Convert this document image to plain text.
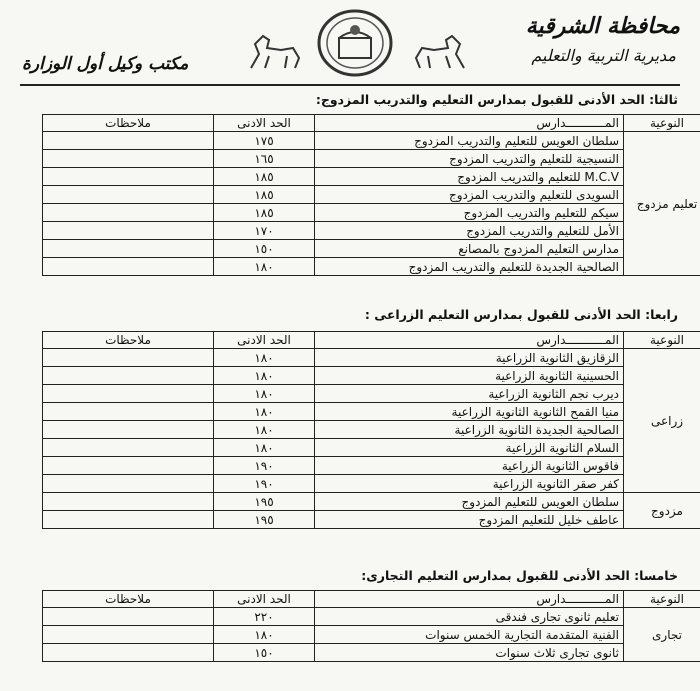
محافظة الشرقية
مديرية التربية والتعليم
مكتب وكيل أول الوزارة
ثالثا: الحد الأدنى للقبول بمدارس التعليم والتدريب المزدوج:
النوعية	المـــــــــــدارس	الحد الادنى	ملاحظات
تعليم مزدوج	سلطان العويس للتعليم والتدريب المزدوج	١٧٥	
	النسيجية للتعليم والتدريب المزدوج	١٦٥	
	M.C.V للتعليم والتدريب المزدوج	١٨٥	
	السويدى للتعليم والتدريب المزدوج	١٨٥	
	سيكم للتعليم والتدريب المزدوج	١٨٥	
	الأمل للتعليم والتدريب المزدوج	١٧٠	
	مدارس التعليم المزدوج بالمصانع	١٥٠	
	الصالحية الجديدة للتعليم والتدريب المزدوج	١٨٠	
رابعا: الحد الأدنى للقبول بمدارس التعليم الزراعى :
النوعية	المـــــــــــدارس	الحد الادنى	ملاحظات
زراعى	الزقازيق الثانوية الزراعية	١٨٠	
	الحسينية الثانوية الزراعية	١٨٠	
	ديرب نجم الثانوية الزراعية	١٨٠	
	منيا القمح الثانوية الثانوية الزراعية	١٨٠	
	الصالحية الجديدة الثانوية الزراعية	١٨٠	
	السلام الثانوية الزراعية	١٨٠	
	فاقوس الثانوية الزراعية	١٩٠	
	كفر صقر الثانوية الزراعية	١٩٠	
مزدوج	سلطان العويس للتعليم المزدوج	١٩٥	
	عاطف خليل للتعليم المزدوج	١٩٥	
خامسا: الحد الأدنى للقبول بمدارس التعليم التجارى:
النوعية	المـــــــــــدارس	الحد الادنى	ملاحظات
تجارى	تعليم ثانوى تجارى فندقى	٢٢٠	
	الفنية المتقدمة التجارية الخمس سنوات	١٨٠	
	ثانوى تجارى ثلاث سنوات	١٥٠	
